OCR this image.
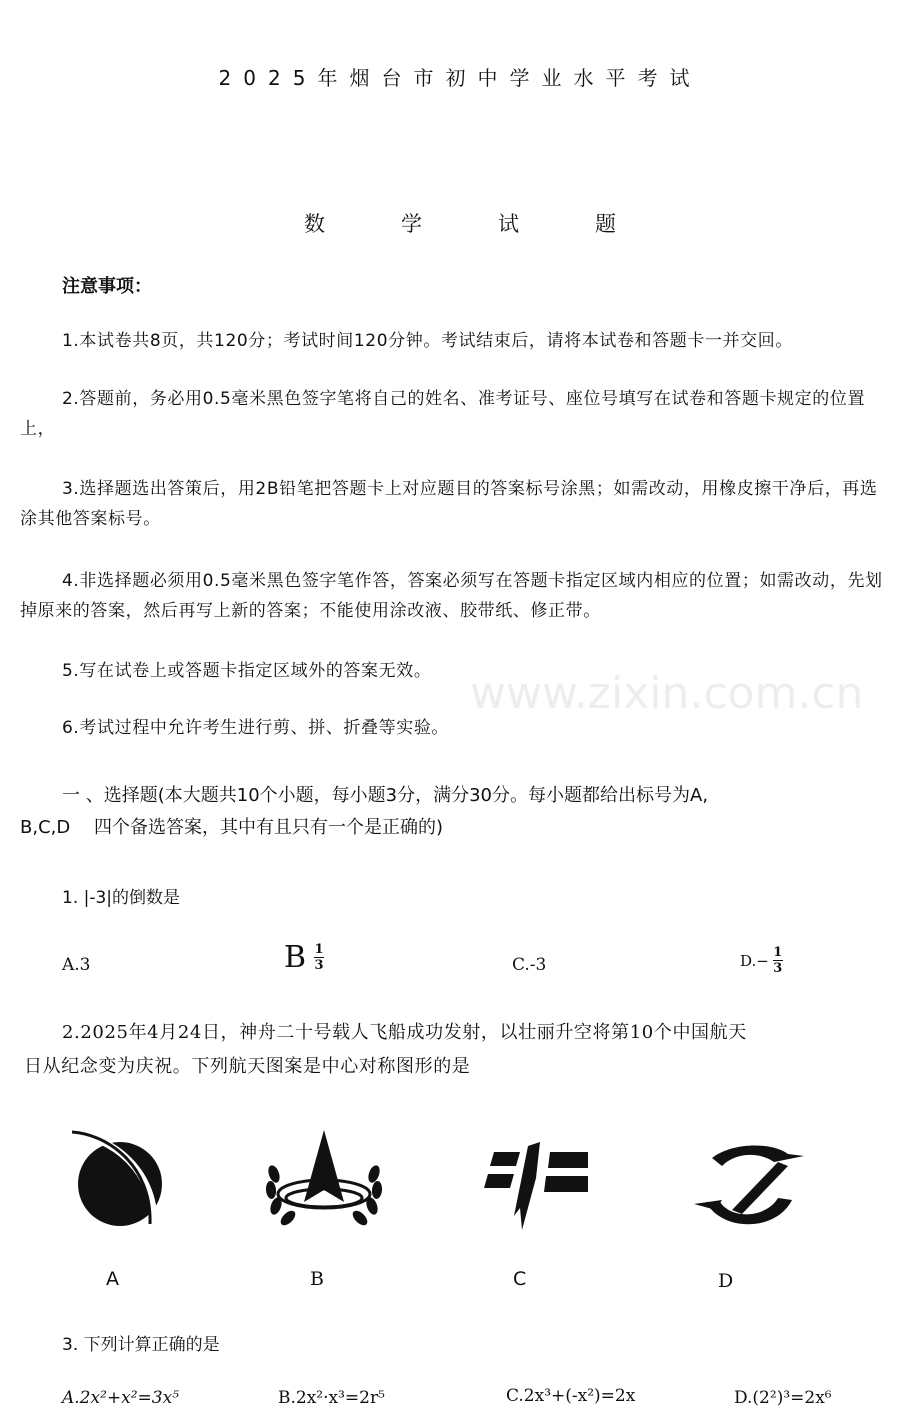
2025年烟台市初中学业水平考试
数	学	试	题
注意事项：
1.本试卷共8页，共120分；考试时间120分钟。考试结束后，请将本试卷和答题卡一并交回。
2.答题前，务必用0.5毫米黑色签字笔将自己的姓名、准考证号、座位号填写在试卷和答题卡规定的位置上，
3.选择题选出答策后，用2B铅笔把答题卡上对应题目的答案标号涂黑；如需改动，用橡皮擦干净后，再选涂其他答案标号。
4.非选择题必须用0.5毫米黑色签字笔作答，答案必须写在答题卡指定区域内相应的位置；如需改动，先划掉原来的答案，然后再写上新的答案；不能使用涂改液、胶带纸、修正带。
5.写在试卷上或答题卡指定区域外的答案无效。
6.考试过程中允许考生进行剪、拼、折叠等实验。
www.zixin.com.cn
一 、选择题(本大题共10个小题，每小题3分，满分30分。每小题都给出标号为A,
B,C,D　 四个备选答案，其中有且只有一个是正确的)
1. |-3|的倒数是
A.3	B $\frac{1}{3}$	C.-3	$D.- \frac{1}{3}$
2.2025年4月24日，神舟二十号载人飞船成功发射，以壮丽升空将第10个中国航天
日从纪念变为庆祝。下列航天图案是中心对称图形的是
A	B	C	D
3. 下列计算正确的是
A.2x²+x²=3x⁵	B.2x²·x³=2r⁵	C.2x³+(-x²)=2x	D.(2²)³=2x⁶
